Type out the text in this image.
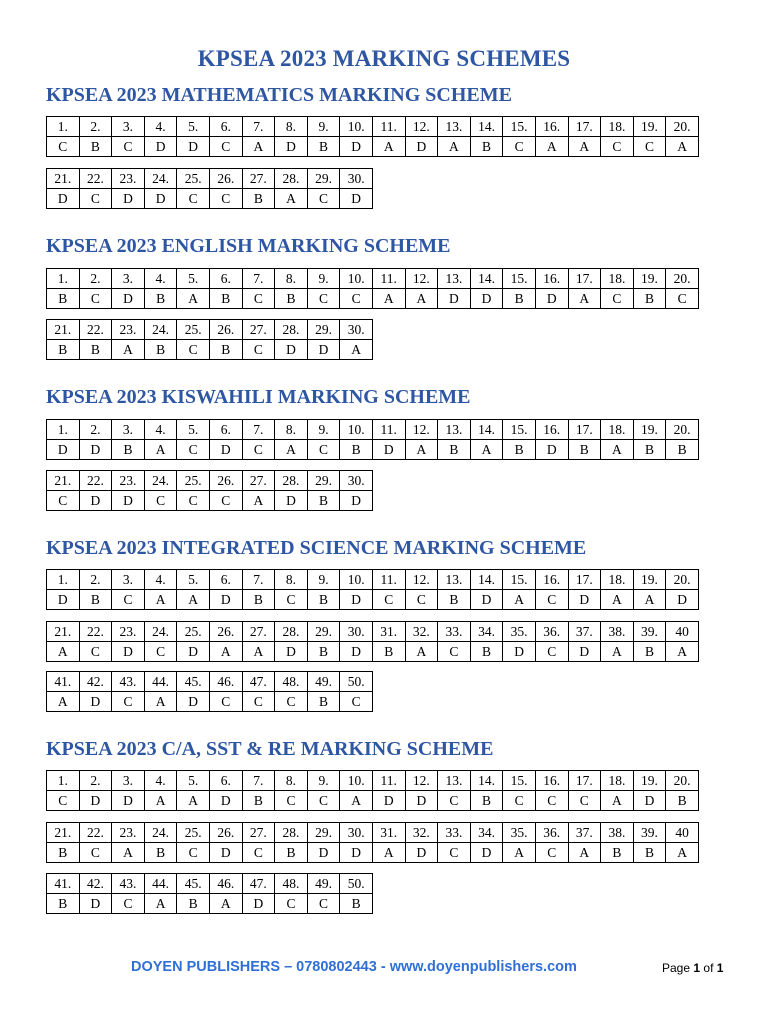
KPSEA 2023 MARKING SCHEMES
KPSEA 2023 MATHEMATICS MARKING SCHEME
1.	2.	3.	4.	5.	6.	7.	8.	9.	10.	11.	12.	13.	14.	15.	16.	17.	18.	19.	20.
C	B	C	D	D	C	A	D	B	D	A	D	A	B	C	A	A	C	C	A
21.	22.	23.	24.	25.	26.	27.	28.	29.	30.
D	C	D	D	C	C	B	A	C	D
KPSEA 2023 ENGLISH MARKING SCHEME
1.	2.	3.	4.	5.	6.	7.	8.	9.	10.	11.	12.	13.	14.	15.	16.	17.	18.	19.	20.
B	C	D	B	A	B	C	B	C	C	A	A	D	D	B	D	A	C	B	C
21.	22.	23.	24.	25.	26.	27.	28.	29.	30.
B	B	A	B	C	B	C	D	D	A
KPSEA 2023 KISWAHILI MARKING SCHEME
1.	2.	3.	4.	5.	6.	7.	8.	9.	10.	11.	12.	13.	14.	15.	16.	17.	18.	19.	20.
D	D	B	A	C	D	C	A	C	B	D	A	B	A	B	D	B	A	B	B
21.	22.	23.	24.	25.	26.	27.	28.	29.	30.
C	D	D	C	C	C	A	D	B	D
KPSEA 2023 INTEGRATED SCIENCE MARKING SCHEME
1.	2.	3.	4.	5.	6.	7.	8.	9.	10.	11.	12.	13.	14.	15.	16.	17.	18.	19.	20.
D	B	C	A	A	D	B	C	B	D	C	C	B	D	A	C	D	A	A	D
21.	22.	23.	24.	25.	26.	27.	28.	29.	30.	31.	32.	33.	34.	35.	36.	37.	38.	39.	40
A	C	D	C	D	A	A	D	B	D	B	A	C	B	D	C	D	A	B	A
41.	42.	43.	44.	45.	46.	47.	48.	49.	50.
A	D	C	A	D	C	C	C	B	C
KPSEA 2023 C/A, SST & RE MARKING SCHEME
1.	2.	3.	4.	5.	6.	7.	8.	9.	10.	11.	12.	13.	14.	15.	16.	17.	18.	19.	20.
C	D	D	A	A	D	B	C	C	A	D	D	C	B	C	C	C	A	D	B
21.	22.	23.	24.	25.	26.	27.	28.	29.	30.	31.	32.	33.	34.	35.	36.	37.	38.	39.	40
B	C	A	B	C	D	C	B	D	D	A	D	C	D	A	C	A	B	B	A
41.	42.	43.	44.	45.	46.	47.	48.	49.	50.
B	D	C	A	B	A	D	C	C	B
DOYEN PUBLISHERS – 0780802443 - www.doyenpublishers.com	Page 1 of 1
